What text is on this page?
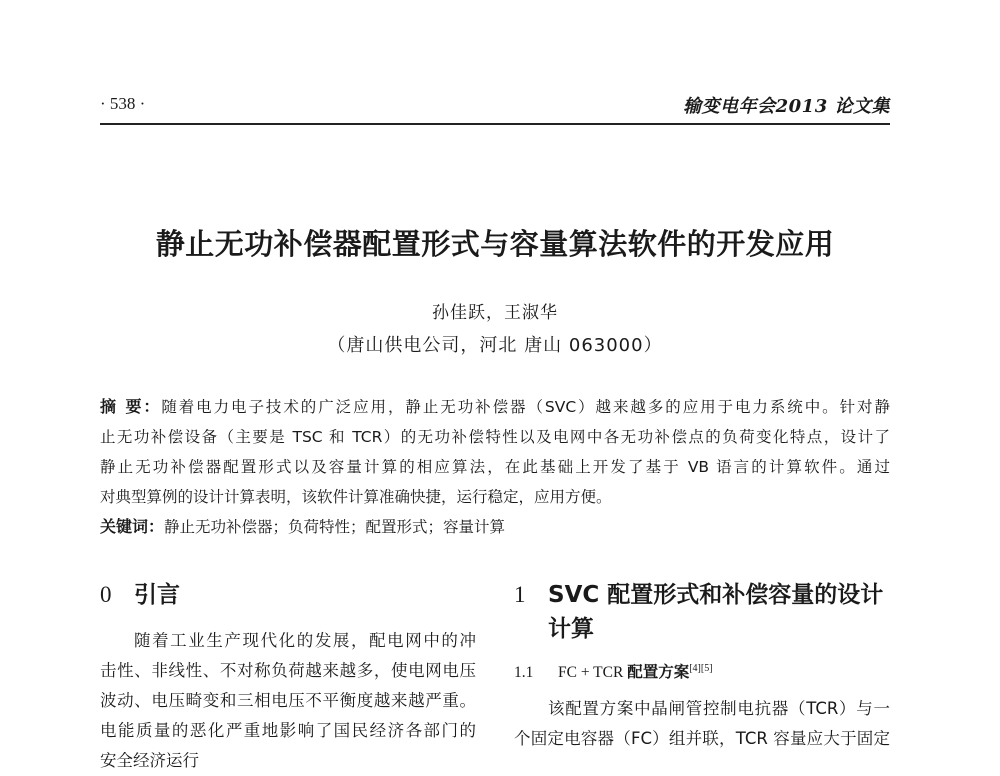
· 538 ·	输变电年会2013 论文集
静止无功补偿器配置形式与容量算法软件的开发应用
孙佳跃，王淑华
（唐山供电公司，河北 唐山 063000）
摘 要：随着电力电子技术的广泛应用，静止无功补偿器（SVC）越来越多的应用于电力系统中。针对静
止无功补偿设备（主要是 TSC 和 TCR）的无功补偿特性以及电网中各无功补偿点的负荷变化特点，设计了
静止无功补偿器配置形式以及容量计算的相应算法，在此基础上开发了基于 VB 语言的计算软件。通过
对典型算例的设计计算表明，该软件计算准确快捷，运行稳定，应用方便。
关键词：静止无功补偿器；负荷特性；配置形式；容量计算
0 引言
随着工业生产现代化的发展，配电网中的冲
击性、非线性、不对称负荷越来越多，使电网电压
波动、电压畸变和三相电压不平衡度越来越严重。
电能质量的恶化严重地影响了国民经济各部门的
安全经济运行
1 SVC 配置形式和补偿容量的设计
计算
1.1 FC + TCR 配置方案[4][5]
该配置方案中晶闸管控制电抗器（TCR）与一
个固定电容器（FC）组并联，TCR 容量应大于固定
